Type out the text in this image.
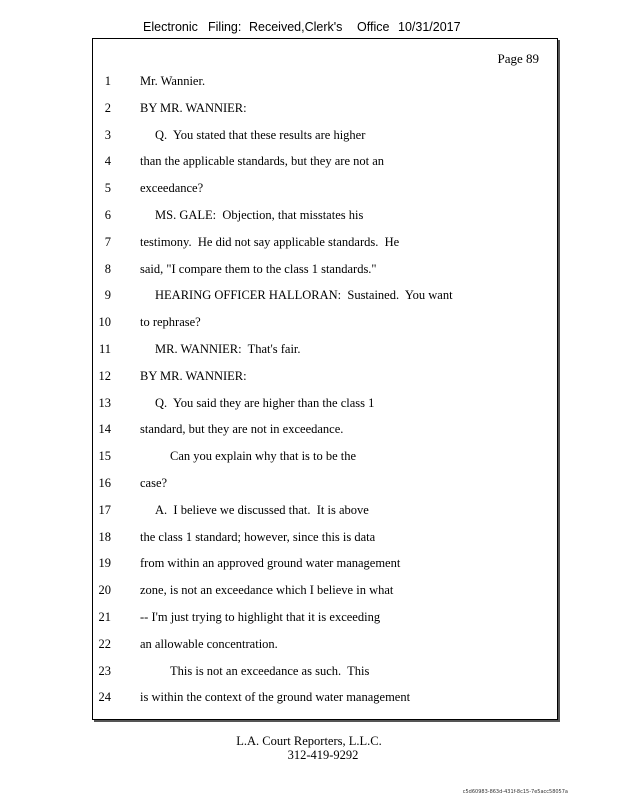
Electronic Filing: Received,Clerk's Office 10/31/2017
Page 89
1 Mr. Wannier.
2 BY MR. WANNIER:
3	Q.  You stated that these results are higher
4 than the applicable standards, but they are not an
5 exceedance?
6	MS. GALE:  Objection, that misstates his
7 testimony.  He did not say applicable standards.  He
8 said, "I compare them to the class 1 standards."
9	HEARING OFFICER HALLORAN:  Sustained.  You want
10 to rephrase?
11	MR. WANNIER:  That's fair.
12 BY MR. WANNIER:
13	Q.  You said they are higher than the class 1
14 standard, but they are not in exceedance.
15	Can you explain why that is to be the
16 case?
17	A.  I believe we discussed that.  It is above
18 the class 1 standard; however, since this is data
19 from within an approved ground water management
20 zone, is not an exceedance which I believe in what
21 -- I'm just trying to highlight that it is exceeding
22 an allowable concentration.
23	This is not an exceedance as such.  This
24 is within the context of the ground water management
L.A. Court Reporters, L.L.C.
312-419-9292
c5d60983-863d-431f-8c15-7e5acc58057a
